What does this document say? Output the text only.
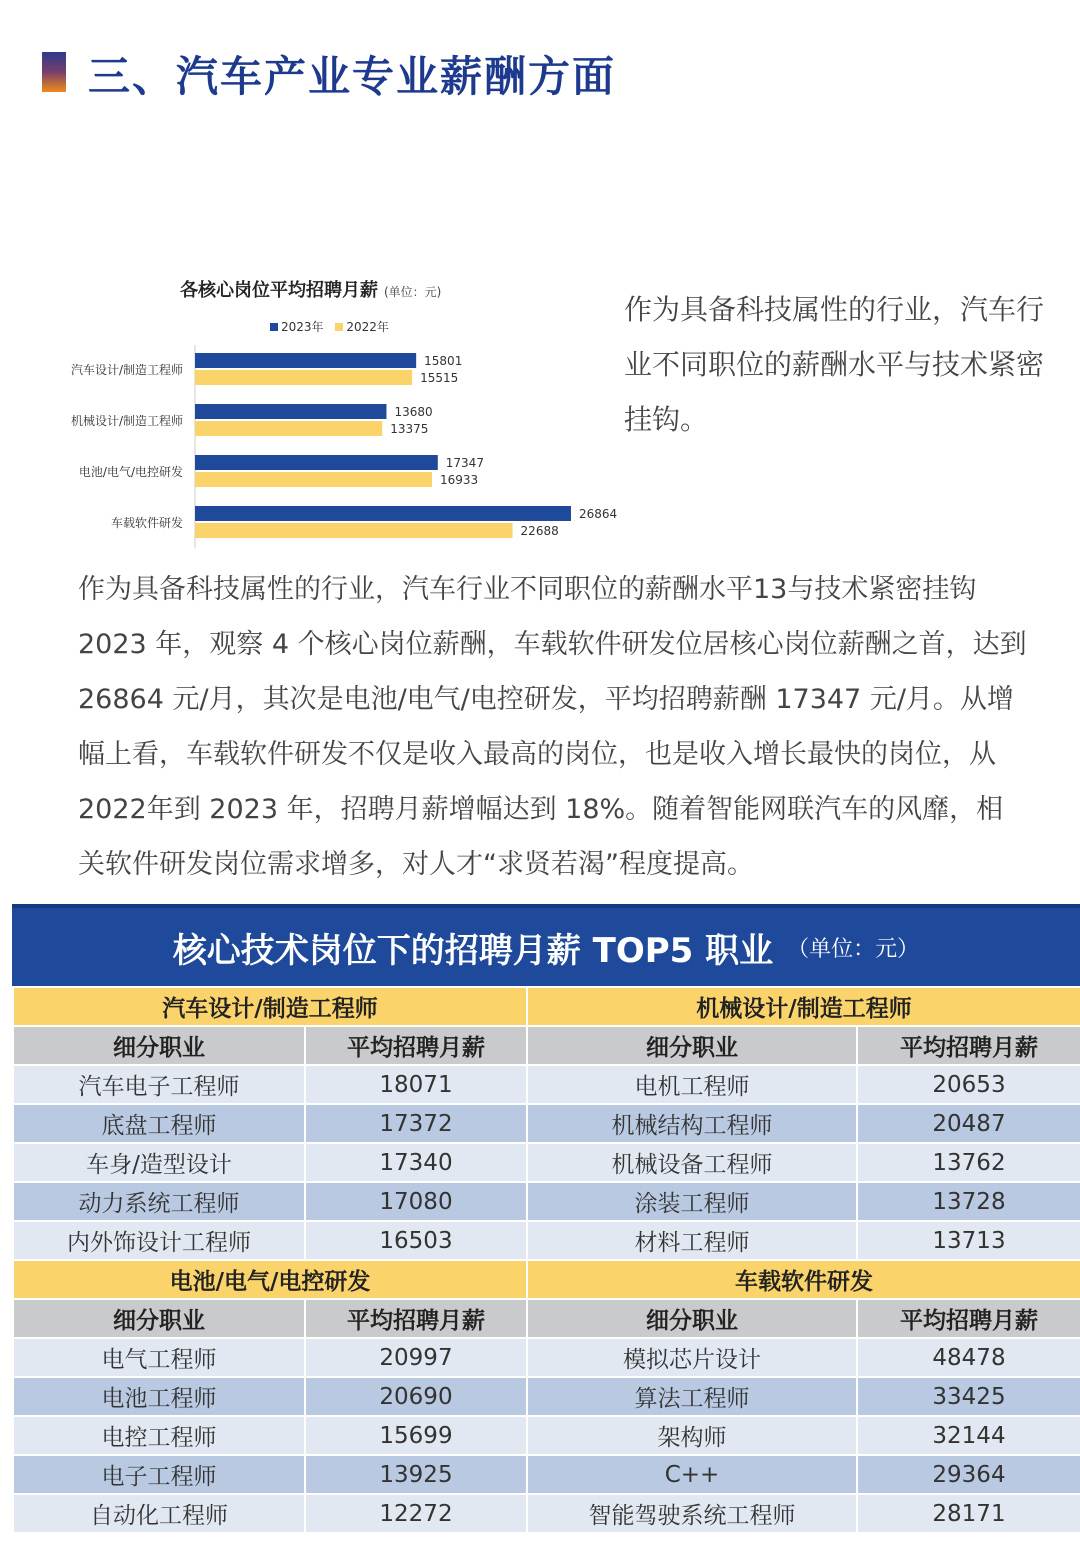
三、汽车产业专业薪酬方面
各核心岗位平均招聘月薪 (单位：元)
2023年 2022年
汽车设计/制造工程师
15801
15515
机械设计/制造工程师
13680
13375
电池/电气/电控研发
17347
16933
车载软件研发
26864
22688
作为具备科技属性的行业，汽车行业不同职位的薪酬水平与技术紧密挂钩。
作为具备科技属性的行业，汽车行业不同职位的薪酬水平13与技术紧密挂钩2023 年，观察 4 个核心岗位薪酬，车载软件研发位居核心岗位薪酬之首，达到 26864 元/月，其次是电池/电气/电控研发，平均招聘薪酬 17347 元/月。从增幅上看，车载软件研发不仅是收入最高的岗位，也是收入增长最快的岗位，从 2022年到 2023 年，招聘月薪增幅达到 18%。随着智能网联汽车的风靡，相关软件研发岗位需求增多，对人才“求贤若渴”程度提高。
核心技术岗位下的招聘月薪 TOP5 职业 （单位：元）
汽车设计/制造工程师		机械设计/制造工程师	
细分职业	平均招聘月薪	细分职业	平均招聘月薪
汽车电子工程师	18071	电机工程师	20653
底盘工程师	17372	机械结构工程师	20487
车身/造型设计	17340	机械设备工程师	13762
动力系统工程师	17080	涂装工程师	13728
内外饰设计工程师	16503	材料工程师	13713
电池/电气/电控研发		车载软件研发	
细分职业	平均招聘月薪	细分职业	平均招聘月薪
电气工程师	20997	模拟芯片设计	48478
电池工程师	20690	算法工程师	33425
电控工程师	15699	架构师	32144
电子工程师	13925	C++	29364
自动化工程师	12272	智能驾驶系统工程师	28171
